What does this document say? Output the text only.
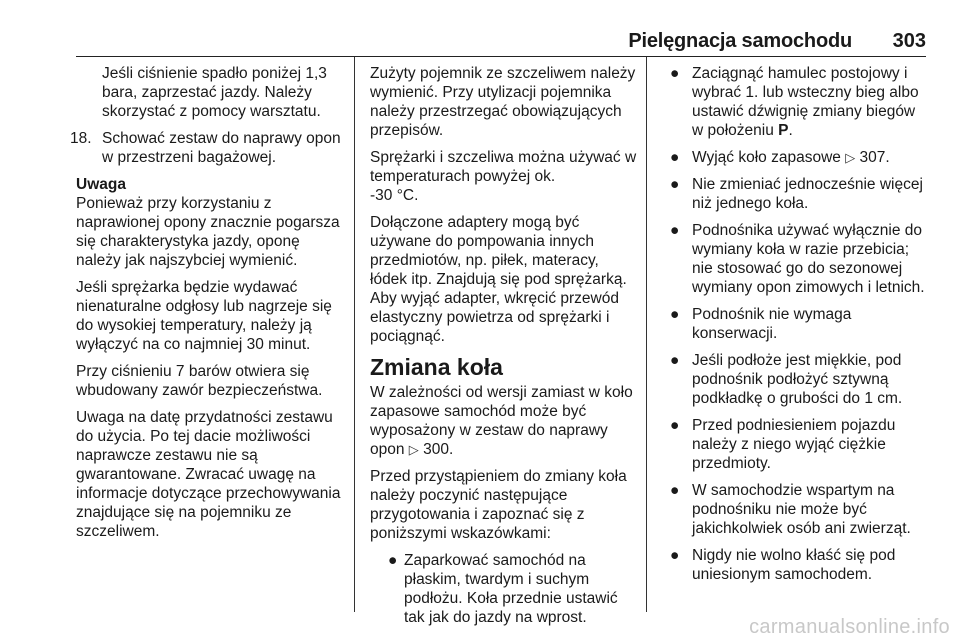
Pielęgnacja samochodu 303

Jeśli ciśnienie spadło poniżej 1,3 bara, zaprzestać jazdy. Należy skorzystać z pomocy warsztatu.

18. Schować zestaw do naprawy opon w przestrzeni bagażowej.

Uwaga

Ponieważ przy korzystaniu z naprawionej opony znacznie pogarsza się charakterystyka jazdy, oponę należy jak najszybciej wymienić.

Jeśli sprężarka będzie wydawać nienaturalne odgłosy lub nagrzeje się do wysokiej temperatury, należy ją wyłączyć na co najmniej 30 minut.

Przy ciśnieniu 7 barów otwiera się wbudowany zawór bezpieczeństwa.

Uwaga na datę przydatności zestawu do użycia. Po tej dacie możliwości naprawcze zestawu nie są gwarantowane. Zwracać uwagę na informacje dotyczące przechowywania znajdujące się na pojemniku ze szczeliwem.

Zużyty pojemnik ze szczeliwem należy wymienić. Przy utylizacji pojemnika należy przestrzegać obowiązujących przepisów.

Sprężarki i szczeliwa można używać w temperaturach powyżej ok.
-30 °C.

Dołączone adaptery mogą być używane do pompowania innych przedmiotów, np. piłek, materacy, łódek itp. Znajdują się pod sprężarką. Aby wyjąć adapter, wkręcić przewód elastyczny powietrza od sprężarki i pociągnąć.

Zmiana koła

W zależności od wersji zamiast w koło zapasowe samochód może być wyposażony w zestaw do naprawy opon ▷ 300.

Przed przystąpieniem do zmiany koła należy poczynić następujące przygotowania i zapoznać się z poniższymi wskazówkami:

● Zaparkować samochód na płaskim, twardym i suchym podłożu. Koła przednie ustawić tak jak do jazdy na wprost.
● Zaciągnąć hamulec postojowy i wybrać 1. lub wsteczny bieg albo ustawić dźwignię zmiany biegów w położeniu P.
● Wyjąć koło zapasowe ▷ 307.
● Nie zmieniać jednocześnie więcej niż jednego koła.
● Podnośnika używać wyłącznie do wymiany koła w razie przebicia; nie stosować go do sezonowej wymiany opon zimowych i letnich.
● Podnośnik nie wymaga konserwacji.
● Jeśli podłoże jest miękkie, pod podnośnik podłożyć sztywną podkładkę o grubości do 1 cm.
● Przed podniesieniem pojazdu należy z niego wyjąć ciężkie przedmioty.
● W samochodzie wspartym na podnośniku nie może być jakichkolwiek osób ani zwierząt.
● Nigdy nie wolno kłaść się pod uniesionym samochodem.
carmanualsonline.info
